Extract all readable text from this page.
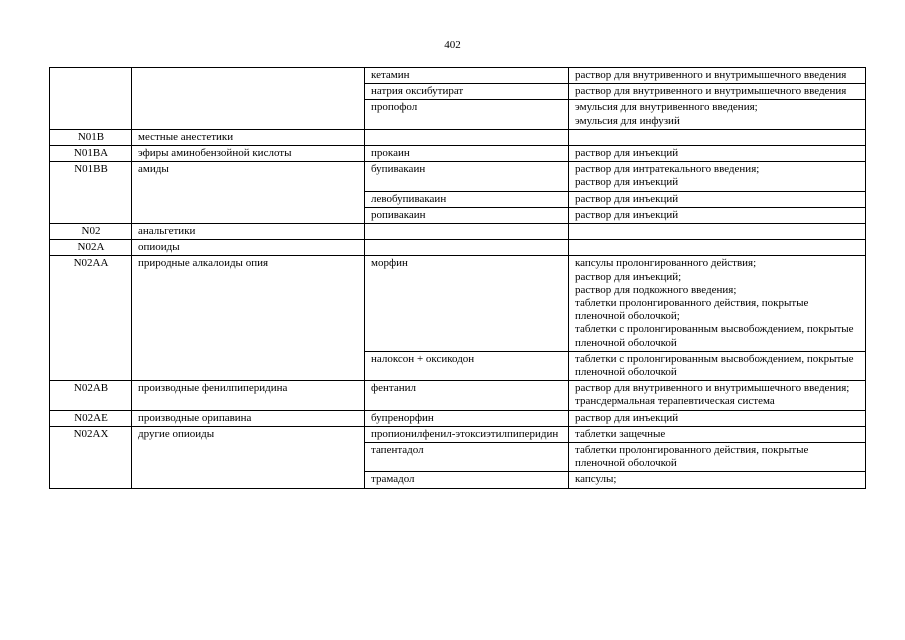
402
		кетамин	раствор для внутривенного и внутримышечного введения

		натрия оксибутират	раствор для внутривенного и внутримышечного введения

		пропофол	эмульсия для внутривенного введения;
эмульсия для инфузий

N01B	местные анестетики		
N01BA	эфиры аминобензойной кислоты	прокаин	раствор для инъекций

N01BB	амиды	бупивакаин	раствор для интратекального введения;
раствор для инъекций

		левобупивакаин	раствор для инъекций

		ропивакаин	раствор для инъекций

N02	анальгетики		
N02A	опиоиды		
N02AA	природные алкалоиды опия	морфин	капсулы пролонгированного действия;
раствор для инъекций;
раствор для подкожного введения;
таблетки пролонгированного действия, покрытые пленочной оболочкой;
таблетки с пролонгированным высвобождением, покрытые пленочной оболочкой

		налоксон + оксикодон	таблетки с пролонгированным высвобождением, покрытые пленочной оболочкой

N02AB	производные фенилпиперидина	фентанил	раствор для внутривенного и внутримышечного введения;
трансдермальная терапевтическая система

N02AE	производные орипавина	бупренорфин	раствор для инъекций

N02AX	другие опиоиды	пропионилфенил-этоксиэтилпиперидин	таблетки защечные

		тапентадол	таблетки пролонгированного действия, покрытые пленочной оболочкой

		трамадол	капсулы;
